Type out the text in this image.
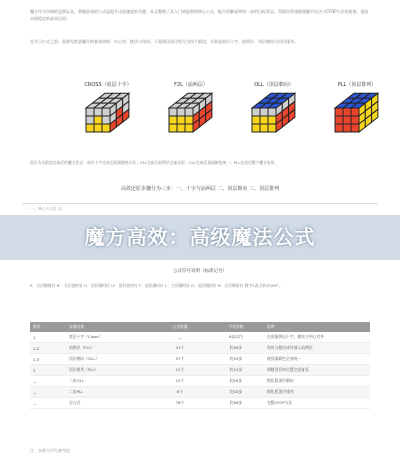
魔方作为经典的益智玩具，掌握高效的公式是提升还原速度的关键。本文整理了从入门到进阶的核心公式，配合图解说明每一步的目标状态，帮助你系统地理解层先法与CFOP方法的衔接，逐步实现稳定的高效还原。
在学习公式之前，需要先熟悉魔方的基本结构：中心块、棱块与角块。下面将还原过程分为四个阶段，分别是底层十字、前两层、顶层朝向与顶层排列。
CROSS（底层十字）	F2L（前两层）	OLL（顶层朝向）	PLL（顶层排列）
图示为各阶段完成后的魔方状态：底层十字完成后底面棱块归位；F2L完成后前两层全部还原；OLL完成后顶面颜色统一；PLL完成后整个魔方复原。
高效还原步骤分为三步：一、十字与前两层 二、顶层朝向 三、顶层排列
一、核心公式汇总
魔方高效：高级魔法公式
公式符号说明（标准记号）
R：右层顺时针 R'：右层逆时针 U：顶层顺时针 U'：顶层逆时针 F：前层顺时针 L：左层顺时针 D：底层顺时针 B：后层顺时针 数字2表示转动180°。
阶段	步骤名称	公式数量	平均步数	说明
1	底层十字（Cross）	—	8步以内	在底面拼出十字，棱块与中心对齐
1-2	前两层（F2L）	41个	约26步	角块与棱块成对插入前两层
2-3	顶层朝向（OLL）	57个	约10步	使顶面颜色全部统一
3	顶层排列（PLL）	21个	约12步	调整顶层块位置完成复原
—	二步OLL	10个	约16步	简化版顶层朝向
—	二步PLL	6个	约18步	简化版顶层排列
—	全公式	78个	约56步	完整CFOP方法
注：步数为平均参考值
